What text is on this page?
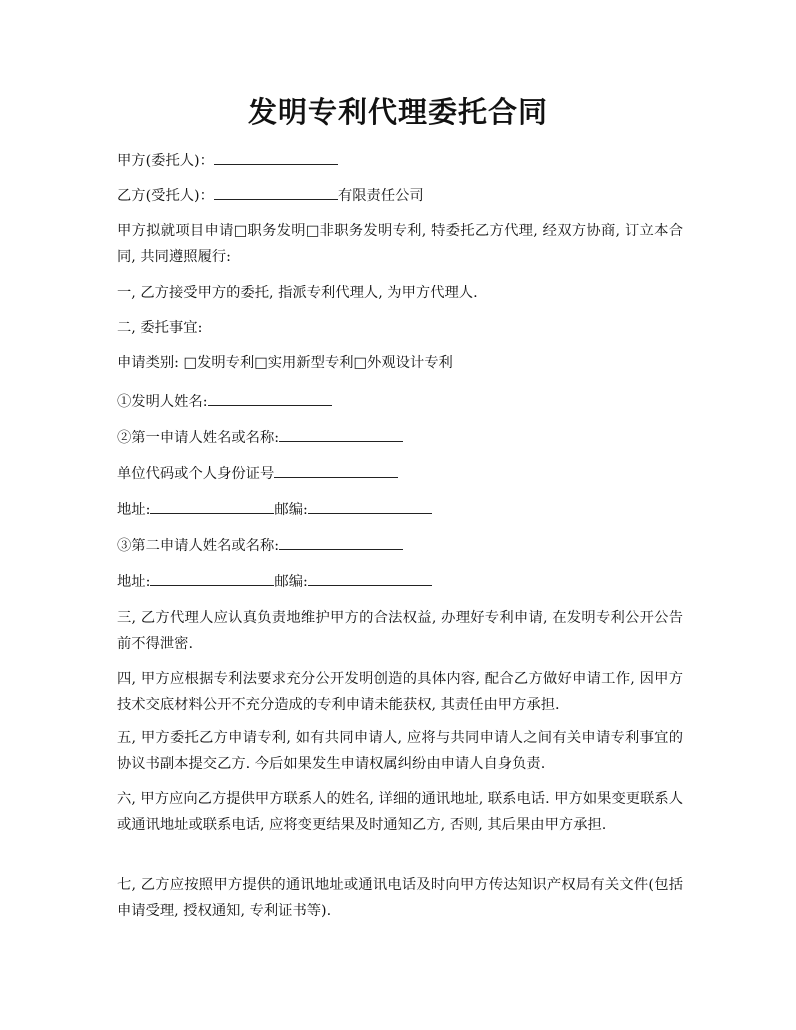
发明专利代理委托合同
甲方(委托人)：
乙方(受托人)：	有限责任公司
甲方拟就项目申请□职务发明□非职务发明专利, 特委托乙方代理, 经双方协商, 订立本合同, 共同遵照履行:
一, 乙方接受甲方的委托, 指派专利代理人, 为甲方代理人.
二, 委托事宜:
申请类别: □发明专利□实用新型专利□外观设计专利
①发明人姓名:
②第一申请人姓名或名称:
单位代码或个人身份证号
地址:	邮编:
③第二申请人姓名或名称:
地址:	邮编:
三, 乙方代理人应认真负责地维护甲方的合法权益, 办理好专利申请, 在发明专利公开公告前不得泄密.
四, 甲方应根据专利法要求充分公开发明创造的具体内容, 配合乙方做好申请工作, 因甲方技术交底材料公开不充分造成的专利申请未能获权, 其责任由甲方承担.
五, 甲方委托乙方申请专利, 如有共同申请人, 应将与共同申请人之间有关申请专利事宜的协议书副本提交乙方. 今后如果发生申请权属纠纷由申请人自身负责.
六, 甲方应向乙方提供甲方联系人的姓名, 详细的通讯地址, 联系电话. 甲方如果变更联系人或通讯地址或联系电话, 应将变更结果及时通知乙方, 否则, 其后果由甲方承担.
七, 乙方应按照甲方提供的通讯地址或通讯电话及时向甲方传达知识产权局有关文件(包括申请受理, 授权通知, 专利证书等).
